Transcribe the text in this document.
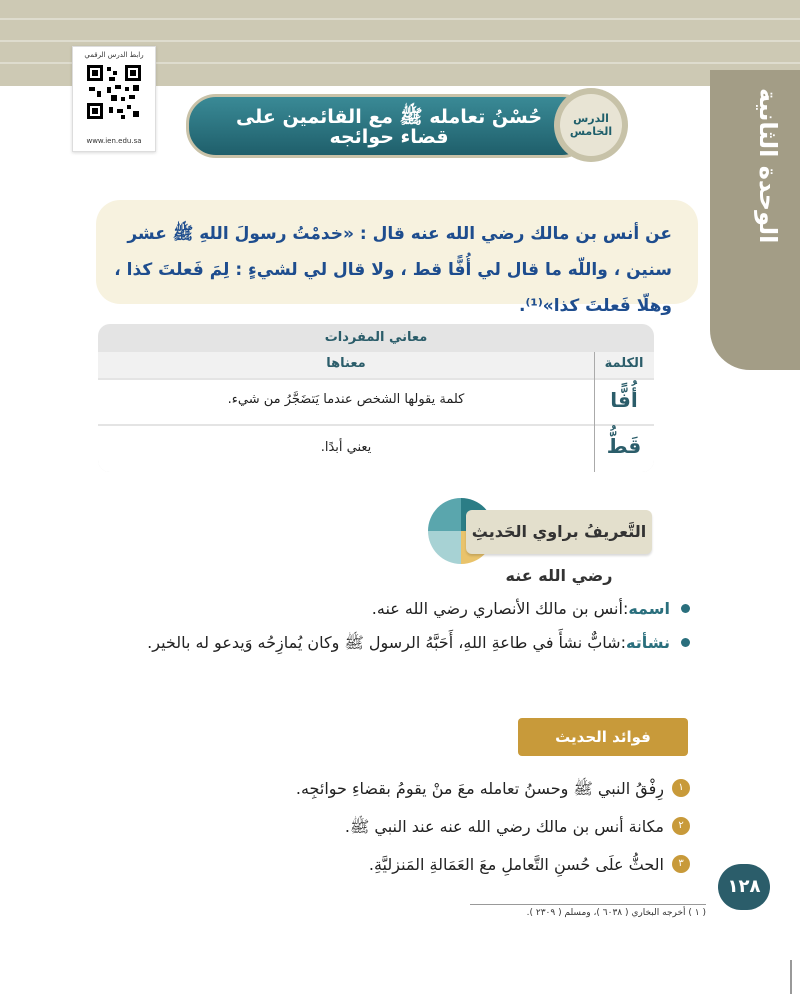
الوحدة الثانية
رابط الدرس الرقمي
www.ien.edu.sa
حُسْنُ تعامله ﷺ مع القائمين على
قضاء حوائجه
الدرس
الخامس
عن أنس بن مالك رضي الله عنه قال : «خدمْتُ رسولَ اللهِ ﷺ عشر سنين ، واللّه ما قال لي أُفًّا قط ، ولا قال لي لشيءٍ : لِمَ فَعلتَ كذا ، وهلّا فَعلتَ كذا»⁽¹⁾.
معاني المفردات
الكلمة
معناها
أُفًّا
كلمة يقولها الشخص عندما يَتضَجَّرُ من شيء.
قَطُّ
يعني أبدًا.
التَّعريفُ براوي الحَديثِ رضي الله عنه
اسمه:أنس بن مالك الأنصاري رضي الله عنه.
نشأته:شابٌّ نشأَ في طاعةِ اللهِ، أَحَبَّهُ الرسول ﷺ وكان يُمازِحُه وَيدعو له بالخير.
فوائد الحديث
١
رِفْقُ النبي ﷺ وحسنُ تعامله معَ منْ يقومُ بقضاءِ حوائجِه.
٢
مكانة أنس بن مالك رضي الله عنه عند النبي ﷺ.
٣
الحثُّ علَى حُسنِ التَّعاملِ معَ العَمَالةِ المَنزليَّةِ.
١٢٨
( ١ ) أخرجه البخاري ( ٦٠٣٨ )، ومسلم ( ٢٣٠٩ ).
